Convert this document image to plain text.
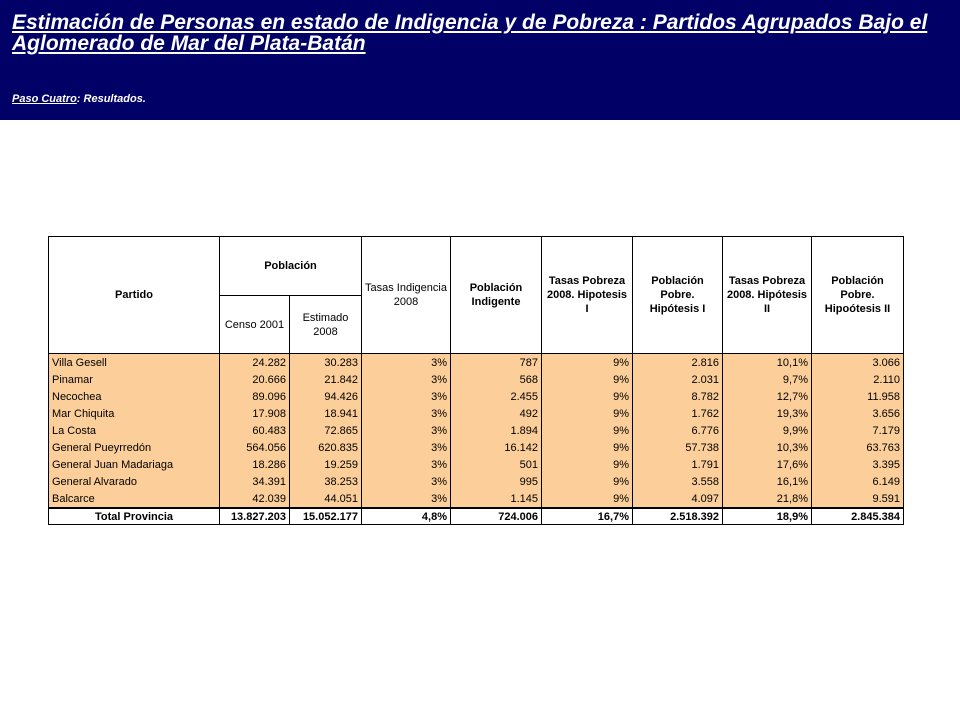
Estimación de Personas en estado de Indigencia y de Pobreza : Partidos Agrupados Bajo el Aglomerado de Mar del Plata-Batán
Paso Cuatro: Resultados.
Partido	Población		Tasas Indigencia 2008	Población Indigente	Tasas Pobreza 2008. Hipotesis I	Población Pobre. Hipótesis I	Tasas Pobreza 2008. Hipótesis II	Población Pobre. Hipoótesis II
	Censo 2001	Estimado 2008						
Villa Gesell	24.282	30.283	3%	787	9%	2.816	10,1%	3.066
Pinamar	20.666	21.842	3%	568	9%	2.031	9,7%	2.110
Necochea	89.096	94.426	3%	2.455	9%	8.782	12,7%	11.958
Mar Chiquita	17.908	18.941	3%	492	9%	1.762	19,3%	3.656
La Costa	60.483	72.865	3%	1.894	9%	6.776	9,9%	7.179
General Pueyrredón	564.056	620.835	3%	16.142	9%	57.738	10,3%	63.763
General Juan Madariaga	18.286	19.259	3%	501	9%	1.791	17,6%	3.395
General Alvarado	34.391	38.253	3%	995	9%	3.558	16,1%	6.149
Balcarce	42.039	44.051	3%	1.145	9%	4.097	21,8%	9.591
Total Provincia	13.827.203	15.052.177	4,8%	724.006	16,7%	2.518.392	18,9%	2.845.384
